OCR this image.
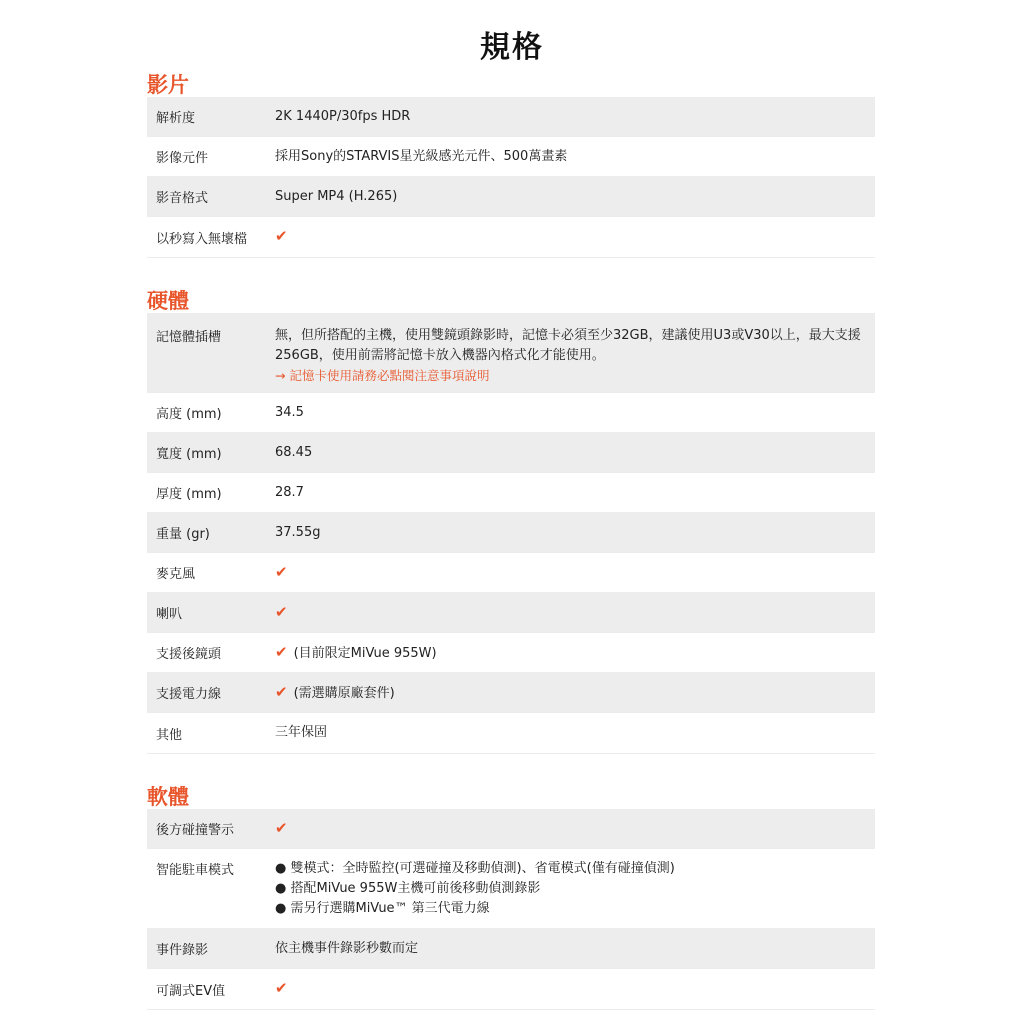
規格
影片
解析度	2K 1440P/30fps HDR
影像元件	採用Sony的STARVIS星光級感光元件、500萬畫素
影音格式	Super MP4 (H.265)
以秒寫入無壞檔	✔
硬體
記憶體插槽	無，但所搭配的主機，使用雙鏡頭錄影時，記憶卡必須至少32GB，建議使用U3或V30以上，最大支援256GB，使用前需將記憶卡放入機器內格式化才能使用。
→ 記憶卡使用請務必點閱注意事項說明
高度 (mm)	34.5
寬度 (mm)	68.45
厚度 (mm)	28.7
重量 (gr)	37.55g
麥克風	✔
喇叭	✔
支援後鏡頭	✔ (目前限定MiVue 955W)
支援電力線	✔ (需選購原廠套件)
其他	三年保固
軟體
後方碰撞警示	✔
智能駐車模式	● 雙模式：全時監控(可選碰撞及移動偵測)、省電模式(僅有碰撞偵測)
● 搭配MiVue 955W主機可前後移動偵測錄影
● 需另行選購MiVue™ 第三代電力線
事件錄影	依主機事件錄影秒數而定
可調式EV值	✔
